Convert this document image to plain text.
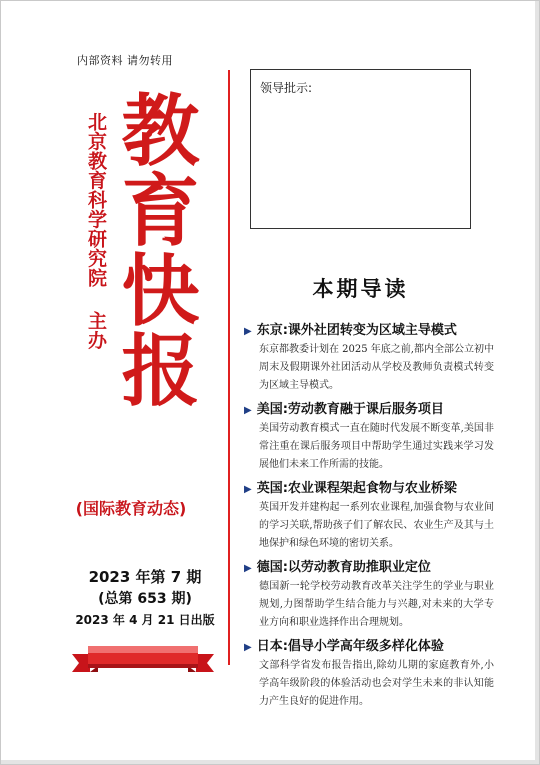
内部资料 请勿转用
北京教育科学研究院 主办
教
育
快
报
(国际教育动态)
2023 年第 7 期
(总第 653 期)
2023 年 4 月 21 日出版
领导批示:
本期导读
▶ 东京:课外社团转变为区域主导模式
东京都教委计划在 2025 年底之前,都内全部公立初中周末及假期课外社团活动从学校及教师负责模式转变为区域主导模式。
▶ 美国:劳动教育融于课后服务项目
美国劳动教育模式一直在随时代发展不断变革,美国非常注重在课后服务项目中帮助学生通过实践来学习发展他们未来工作所需的技能。
▶ 英国:农业课程架起食物与农业桥梁
英国开发并建构起一系列农业课程,加强食物与农业间的学习关联,帮助孩子们了解农民、农业生产及其与土地保护和绿色环境的密切关系。
▶ 德国:以劳动教育助推职业定位
德国新一轮学校劳动教育改革关注学生的学业与职业规划,力图帮助学生结合能力与兴趣,对未来的大学专业方向和职业选择作出合理规划。
▶ 日本:倡导小学高年级多样化体验
文部科学省发布报告指出,除幼儿期的家庭教育外,小学高年级阶段的体验活动也会对学生未来的非认知能力产生良好的促进作用。
